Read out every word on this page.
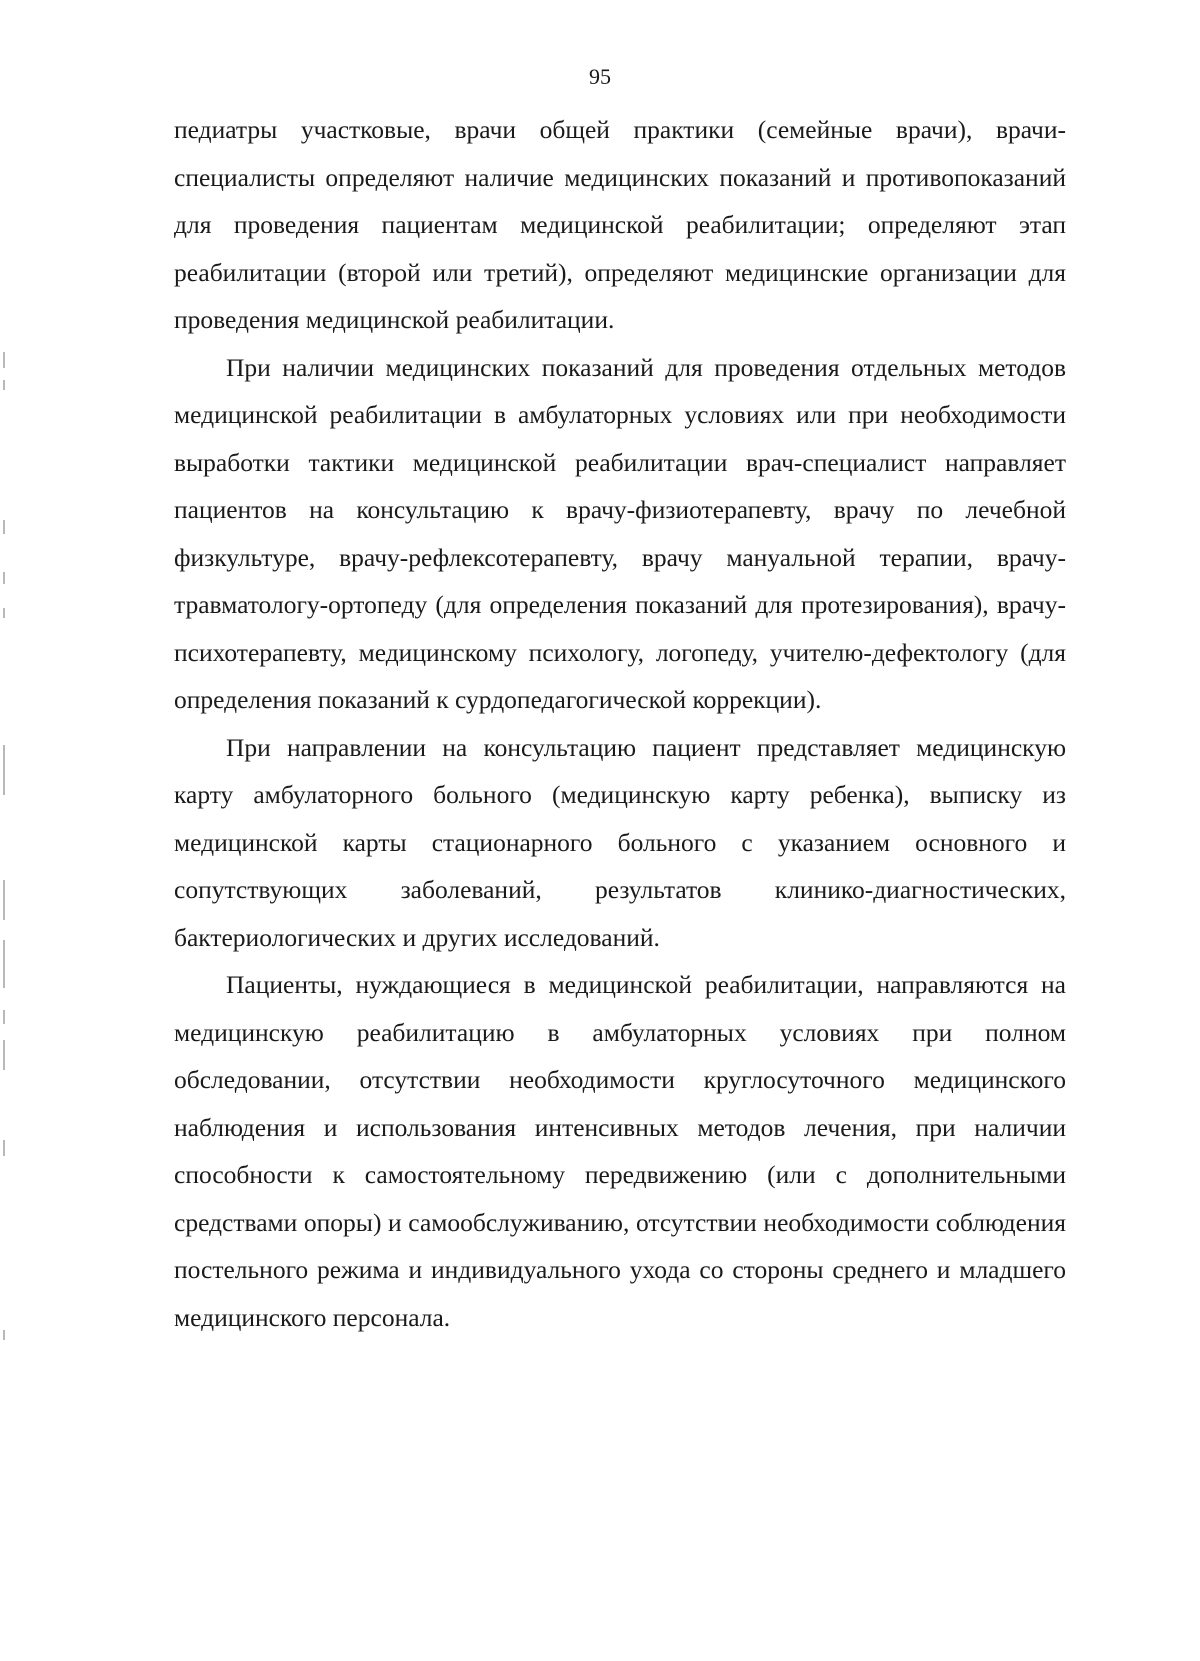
95

педиатры участковые, врачи общей практики (семейные врачи), врачи-специалисты определяют наличие медицинских показаний и противопоказаний для проведения пациентам медицинской реабилитации; определяют этап реабилитации (второй или третий), определяют медицинские организации для проведения медицинской реабилитации.

При наличии медицинских показаний для проведения отдельных методов медицинской реабилитации в амбулаторных условиях или при необходимости выработки тактики медицинской реабилитации врач-специалист направляет пациентов на консультацию к врачу-физиотерапевту, врачу по лечебной физкультуре, врачу-рефлексотерапевту, врачу мануальной терапии, врачу-травматологу-ортопеду (для определения показаний для протезирования), врачу-психотерапевту, медицинскому психологу, логопеду, учителю-дефектологу (для определения показаний к сурдопедагогической коррекции).

При направлении на консультацию пациент представляет медицинскую карту амбулаторного больного (медицинскую карту ребенка), выписку из медицинской карты стационарного больного с указанием основного и сопутствующих заболеваний, результатов клинико-диагностических, бактериологических и других исследований.

Пациенты, нуждающиеся в медицинской реабилитации, направляются на медицинскую реабилитацию в амбулаторных условиях при полном обследовании, отсутствии необходимости круглосуточного медицинского наблюдения и использования интенсивных методов лечения, при наличии способности к самостоятельному передвижению (или с дополнительными средствами опоры) и самообслуживанию, отсутствии необходимости соблюдения постельного режима и индивидуального ухода со стороны среднего и младшего медицинского персонала.
